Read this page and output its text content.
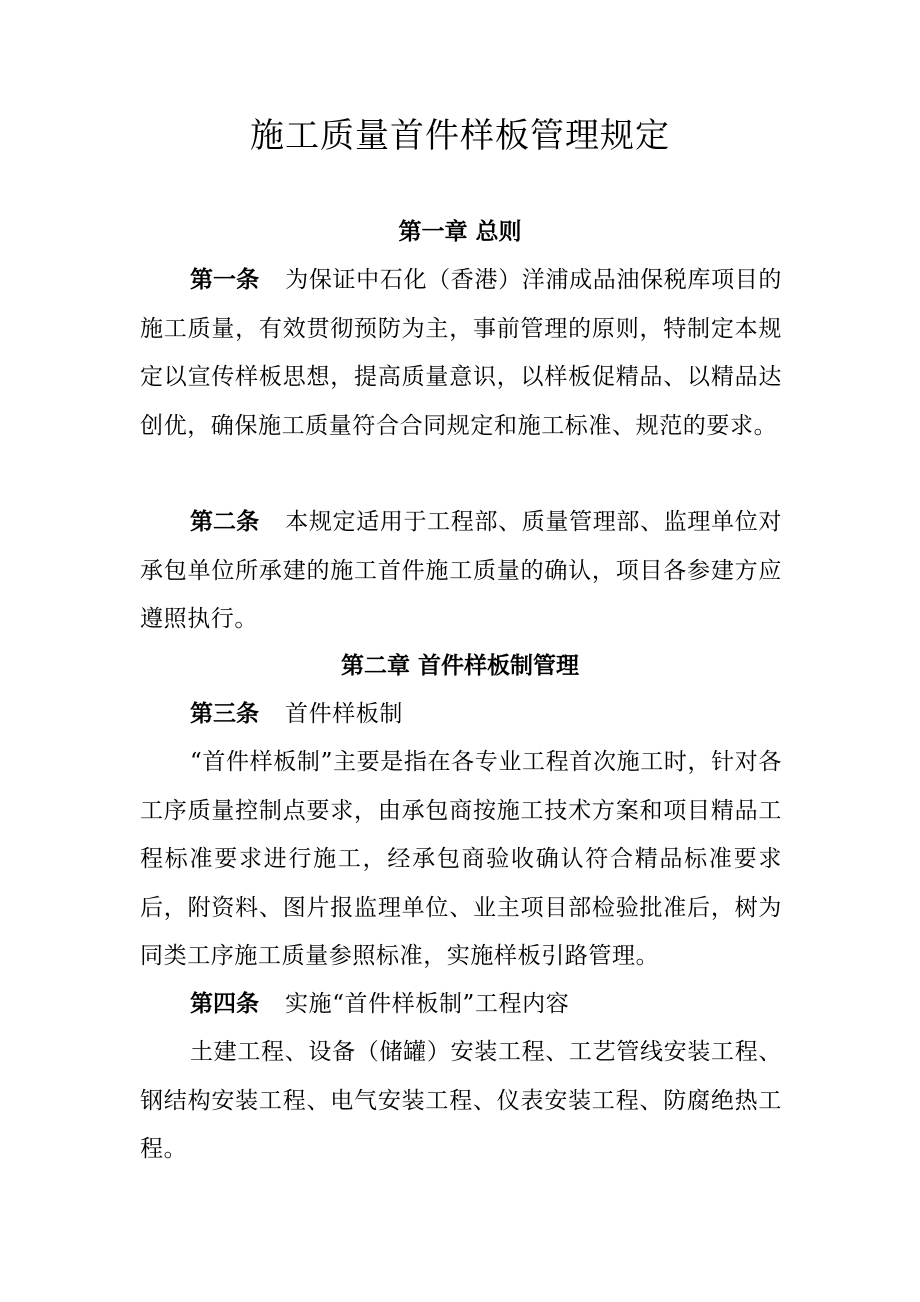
施工质量首件样板管理规定
第一章 总则

第一条 为保证中石化（香港）洋浦成品油保税库项目的施工质量，有效贯彻预防为主，事前管理的原则，特制定本规定以宣传样板思想，提高质量意识，以样板促精品、以精品达创优，确保施工质量符合合同规定和施工标准、规范的要求。

第二条 本规定适用于工程部、质量管理部、监理单位对承包单位所承建的施工首件施工质量的确认，项目各参建方应遵照执行。

第二章 首件样板制管理

第三条 首件样板制

“首件样板制”主要是指在各专业工程首次施工时，针对各工序质量控制点要求，由承包商按施工技术方案和项目精品工程标准要求进行施工，经承包商验收确认符合精品标准要求后，附资料、图片报监理单位、业主项目部检验批准后，树为同类工序施工质量参照标准，实施样板引路管理。

第四条 实施“首件样板制”工程内容

土建工程、设备（储罐）安装工程、工艺管线安装工程、钢结构安装工程、电气安装工程、仪表安装工程、防腐绝热工程。
